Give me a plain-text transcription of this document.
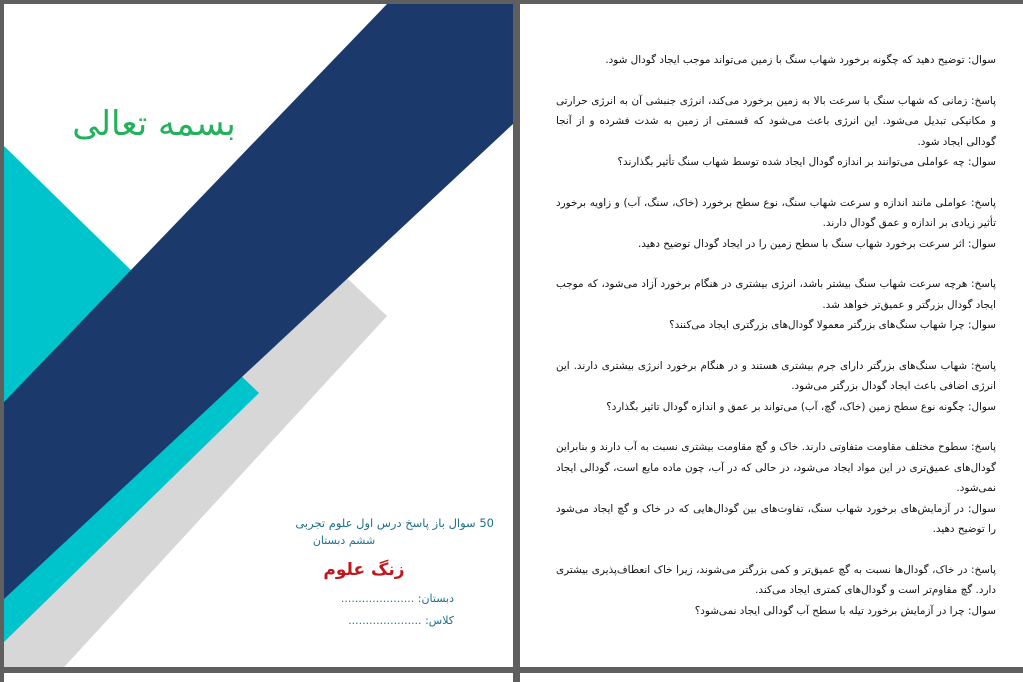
بسمه تعالی
50 سوال باز پاسخ درس اول علوم تجربی
ششم دبستان
زنگ علوم
دبستان: .....................
کلاس: .....................

سوال: توضیح دهید که چگونه برخورد شهاب سنگ با زمین می‌تواند موجب ایجاد گودال شود.

پاسخ: زمانی که شهاب سنگ با سرعت بالا به زمین برخورد می‌کند، انرژی جنبشی آن به انرژی حرارتی و مکانیکی تبدیل می‌شود. این انرژی باعث می‌شود که قسمتی از زمین به شدت فشرده و از آنجا گودالی ایجاد شود.

سوال: چه عواملی می‌توانند بر اندازه گودال ایجاد شده توسط شهاب سنگ تأثیر بگذارند؟

پاسخ: عواملی مانند اندازه و سرعت شهاب سنگ، نوع سطح برخورد (خاک، سنگ، آب) و زاویه برخورد تأثیر زیادی بر اندازه و عمق گودال دارند.

سوال: اثر سرعت برخورد شهاب سنگ با سطح زمین را در ایجاد گودال توضیح دهید.

پاسخ: هرچه سرعت شهاب سنگ بیشتر باشد، انرژی بیشتری در هنگام برخورد آزاد می‌شود، که موجب ایجاد گودال بزرگتر و عمیق‌تر خواهد شد.

سوال: چرا شهاب سنگ‌های بزرگتر معمولا گودال‌های بزرگتری ایجاد می‌کنند؟

پاسخ: شهاب سنگ‌های بزرگتر دارای جرم بیشتری هستند و در هنگام برخورد انرژی بیشتری دارند. این انرژی اضافی باعث ایجاد گودال بزرگتر می‌شود.

سوال: چگونه نوع سطح زمین (خاک، گچ، آب) می‌تواند بر عمق و اندازه گودال تاثیر بگذارد؟

پاسخ: سطوح مختلف مقاومت متفاوتی دارند. خاک و گچ مقاومت بیشتری نسبت به آب دارند و بنابراین گودال‌های عمیق‌تری در این مواد ایجاد می‌شود، در حالی که در آب، چون ماده مایع است، گودالی ایجاد نمی‌شود.

سوال: در آزمایش‌های برخورد شهاب سنگ، تفاوت‌های بین گودال‌هایی که در خاک و گچ ایجاد می‌شود را توضیح دهید.

پاسخ: در خاک، گودال‌ها نسبت به گچ عمیق‌تر و کمی بزرگتر می‌شوند، زیرا خاک انعطاف‌پذیری بیشتری دارد. گچ مقاوم‌تر است و گودال‌های کمتری ایجاد می‌کند.

سوال: چرا در آزمایش برخورد تیله با سطح آب گودالی ایجاد نمی‌شود؟
